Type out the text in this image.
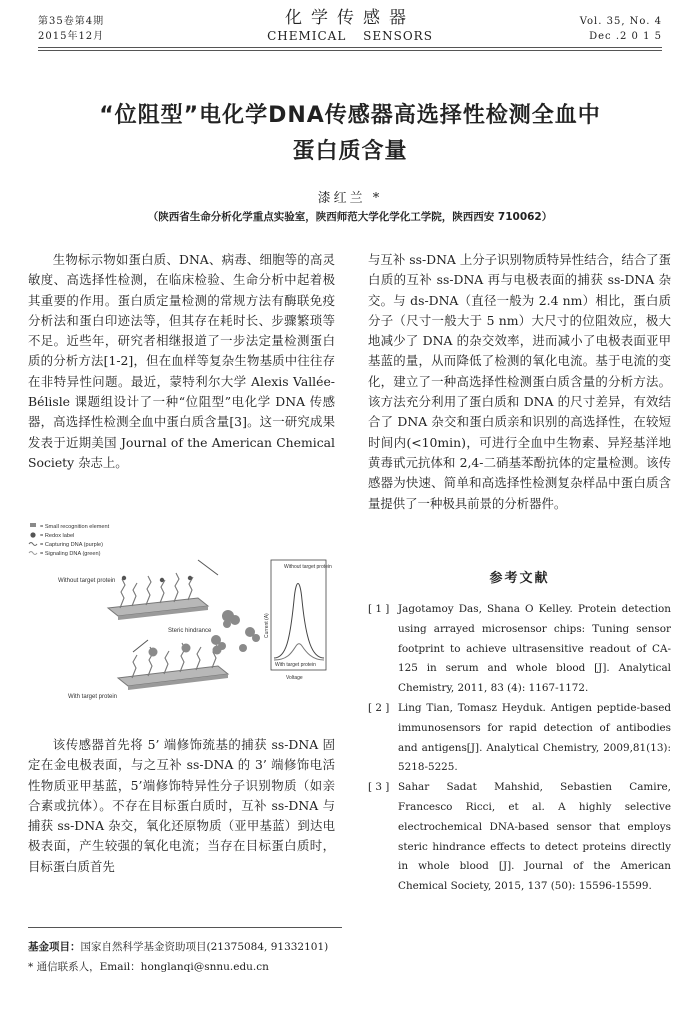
第35卷第4期
2015年12月
化学传感器
CHEMICAL SENSORS
Vol. 35, No. 4
Dec .2 0 1 5
“位阻型”电化学DNA传感器高选择性检测全血中
蛋白质含量
漆红兰 *
（陕西省生命分析化学重点实验室，陕西师范大学化学化工学院，陕西西安 710062）

生物标示物如蛋白质、DNA、病毒、细胞等的高灵敏度、高选择性检测，在临床检验、生命分析中起着极其重要的作用。蛋白质定量检测的常规方法有酶联免疫分析法和蛋白印迹法等，但其存在耗时长、步骤繁琐等不足。近些年，研究者相继报道了一步法定量检测蛋白质的分析方法[1-2]，但在血样等复杂生物基质中往往存在非特异性问题。最近，蒙特利尔大学 Alexis Vallée-Bélisle 课题组设计了一种“位阻型”电化学 DNA 传感器，高选择性检测全血中蛋白质含量[3]。这一研究成果发表于近期美国 Journal of the American Chemical Society 杂志上。

= Small recognition element
= Redox label
= Capturing DNA (purple)
= Signaling DNA (green)
Without target protein
Steric hindrance
With target protein
Without target protein
With target protein
Current (A)
Voltage

该传感器首先将 5’ 端修饰巯基的捕获 ss-DNA 固定在金电极表面，与之互补 ss-DNA 的 3’ 端修饰电活性物质亚甲基蓝，5’端修饰特异性分子识别物质（如亲合素或抗体）。不存在目标蛋白质时，互补 ss-DNA 与捕获 ss-DNA 杂交，氧化还原物质（亚甲基蓝）到达电极表面，产生较强的氧化电流；当存在目标蛋白质时，目标蛋白质首先

与互补 ss-DNA 上分子识别物质特异性结合，结合了蛋白质的互补 ss-DNA 再与电极表面的捕获 ss-DNA 杂交。与 ds-DNA（直径一般为 2.4 nm）相比，蛋白质分子（尺寸一般大于 5 nm）大尺寸的位阻效应，极大地减少了 DNA 的杂交效率，进而减小了电极表面亚甲基蓝的量，从而降低了检测的氧化电流。基于电流的变化，建立了一种高选择性检测蛋白质含量的分析方法。该方法充分利用了蛋白质和 DNA 的尺寸差异，有效结合了 DNA 杂交和蛋白质亲和识别的高选择性，在较短时间内(<10min)，可进行全血中生物素、异羟基洋地黄毒甙元抗体和 2,4-二硝基苯酚抗体的定量检测。该传感器为快速、简单和高选择性检测复杂样品中蛋白质含量提供了一种极具前景的分析器件。

参考文献
[ 1 ] Jagotamoy Das, Shana O Kelley. Protein detection using arrayed microsensor chips: Tuning sensor footprint to achieve ultrasensitive readout of CA-125 in serum and whole blood [J]. Analytical Chemistry, 2011, 83 (4): 1167-1172.
[ 2 ] Ling Tian, Tomasz Heyduk. Antigen peptide-based immunosensors for rapid detection of antibodies and antigens[J]. Analytical Chemistry, 2009,81(13): 5218-5225.
[ 3 ] Sahar Sadat Mahshid, Sebastien Camire, Francesco Ricci, et al. A highly selective electrochemical DNA-based sensor that employs steric hindrance effects to detect proteins directly in whole blood [J]. Journal of the American Chemical Society, 2015, 137 (50): 15596-15599.
基金项目：国家自然科学基金资助项目(21375084, 91332101)
* 通信联系人，Email：honglanqi@snnu.edu.cn
